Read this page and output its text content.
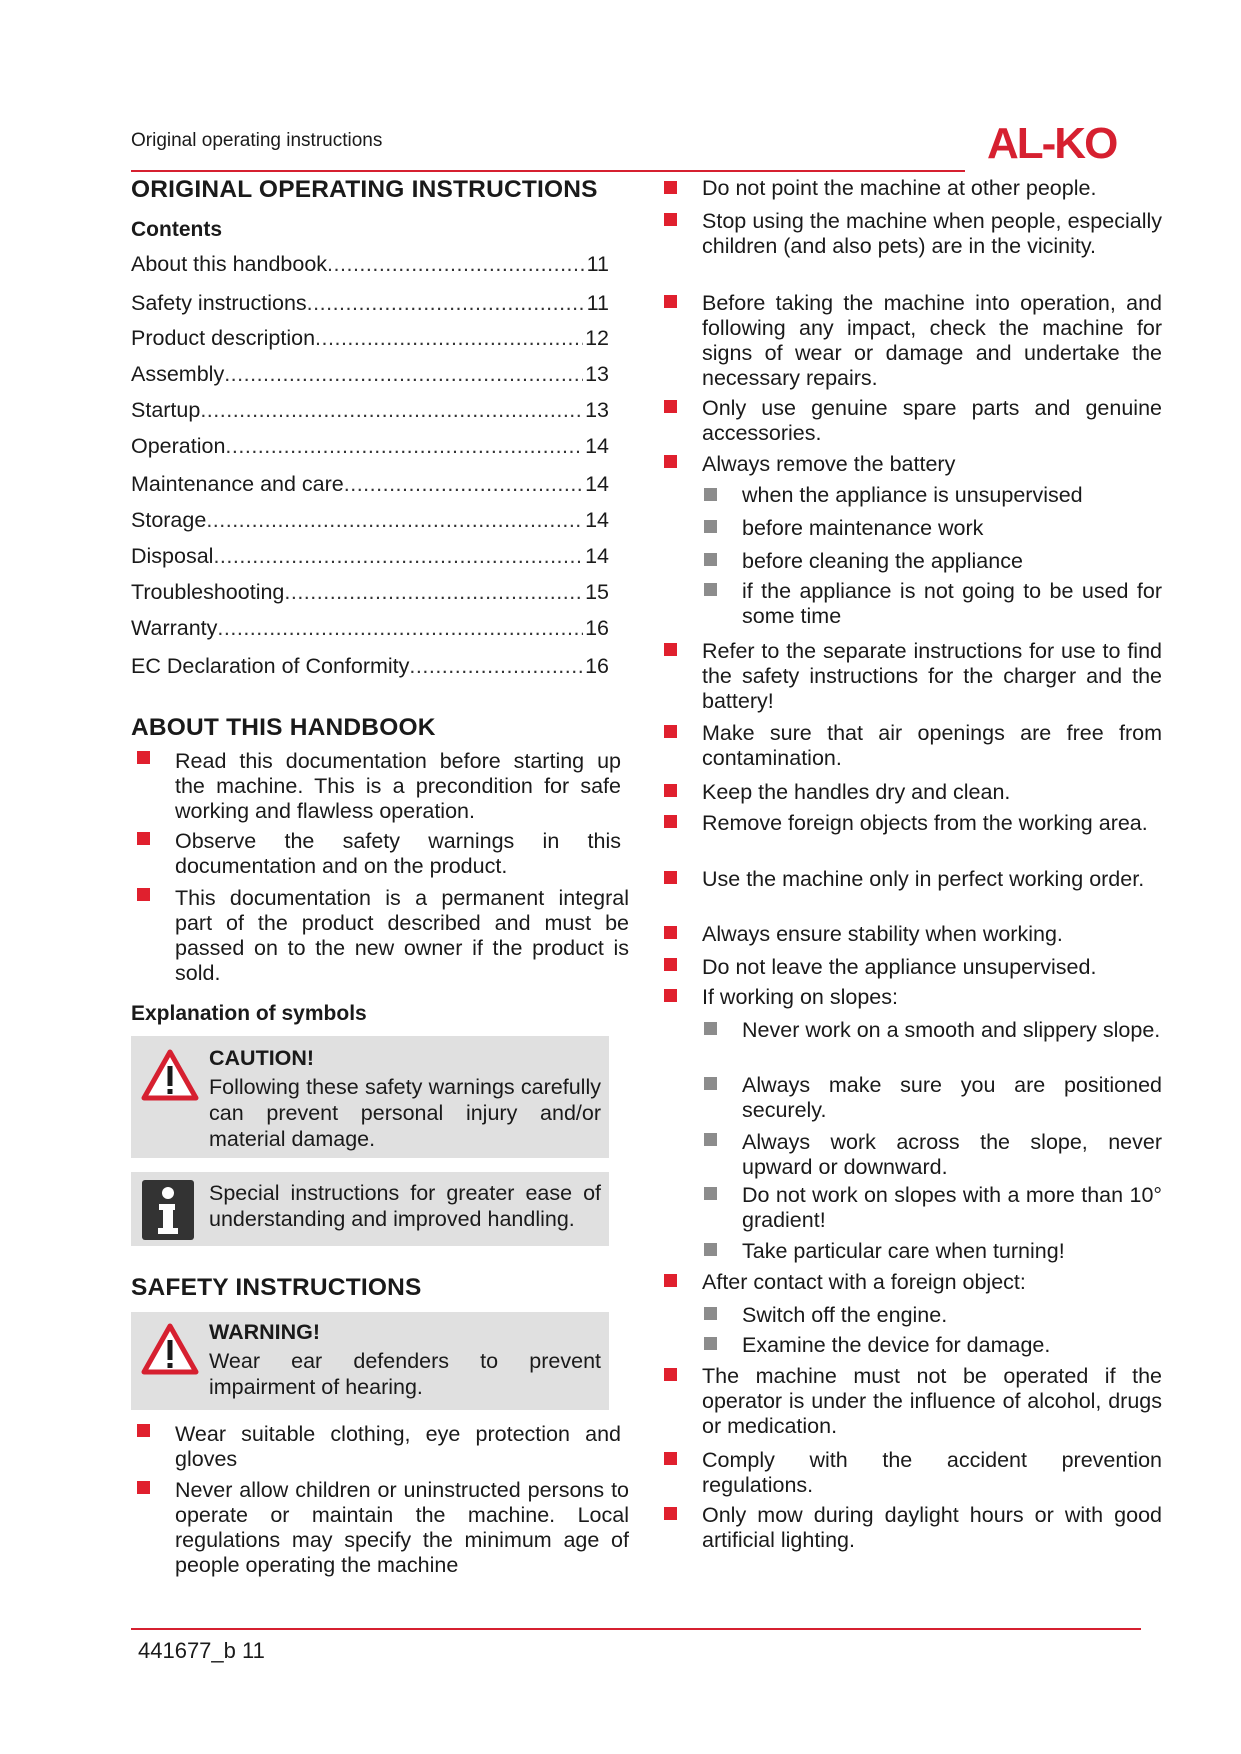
Original operating instructions	AL-KO
ORIGINAL OPERATING INSTRUCTIONS
Contents
About this handbook .....	11
Safety instructions .....	11
Product description .....	12
Assembly .....	13
Startup .....	13
Operation .....	14
Maintenance and care .....	14
Storage .....	14
Disposal .....	14
Troubleshooting .....	15
Warranty .....	16
EC Declaration of Conformity .....	16
ABOUT THIS HANDBOOK
Read this documentation before starting up the machine. This is a precondition for safe working and flawless operation.
Observe the safety warnings in this documentation and on the product.
This documentation is a permanent integral part of the product described and must be passed on to the new owner if the product is sold.
Explanation of symbols
CAUTION!
Following these safety warnings carefully can prevent personal injury and/or material damage.
Special instructions for greater ease of understanding and improved handling.
SAFETY INSTRUCTIONS
WARNING!
Wear ear defenders to prevent impairment of hearing.
Wear suitable clothing, eye protection and gloves
Never allow children or uninstructed persons to operate or maintain the machine. Local regulations may specify the minimum age of people operating the machine
Do not point the machine at other people.
Stop using the machine when people, especially children (and also pets) are in the vicinity.
Before taking the machine into operation, and following any impact, check the machine for signs of wear or damage and undertake the necessary repairs.
Only use genuine spare parts and genuine accessories.
Always remove the battery
when the appliance is unsupervised
before maintenance work
before cleaning the appliance
if the appliance is not going to be used for some time
Refer to the separate instructions for use to find the safety instructions for the charger and the battery!
Make sure that air openings are free from contamination.
Keep the handles dry and clean.
Remove foreign objects from the working area.
Use the machine only in perfect working order.
Always ensure stability when working.
Do not leave the appliance unsupervised.
If working on slopes:
Never work on a smooth and slippery slope.
Always make sure you are positioned securely.
Always work across the slope, never upward or downward.
Do not work on slopes with a more than 10° gradient!
Take particular care when turning!
After contact with a foreign object:
Switch off the engine.
Examine the device for damage.
The machine must not be operated if the operator is under the influence of alcohol, drugs or medication.
Comply with the accident prevention regulations.
Only mow during daylight hours or with good artificial lighting.
441677_b 11
